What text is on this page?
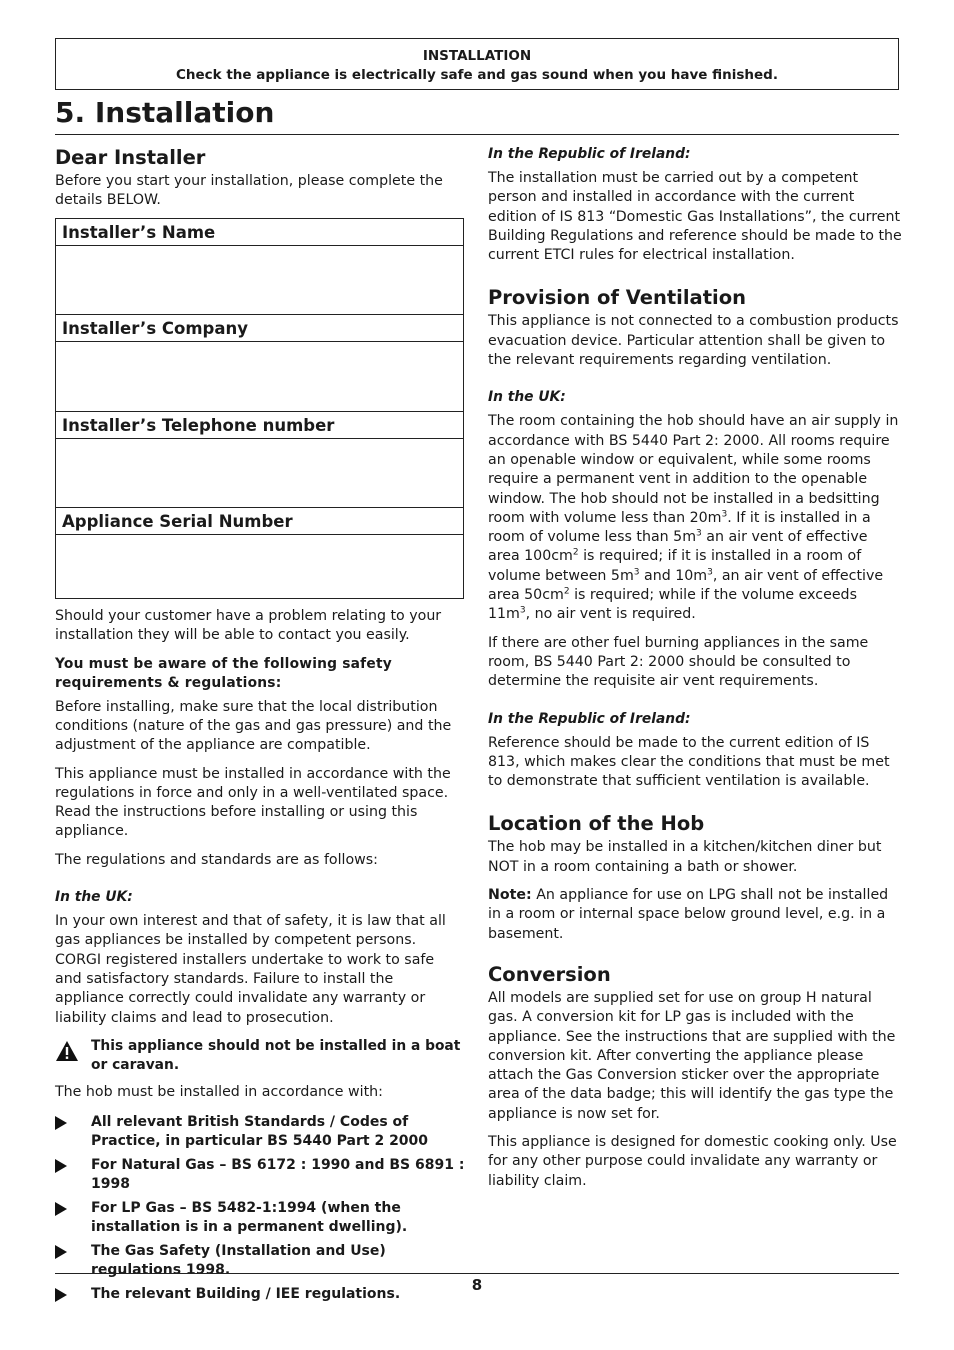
INSTALLATION
Check the appliance is electrically safe and gas sound when you have finished.
5. Installation
Dear Installer

Before you start your installation, please complete the details BELOW.

Installer’s Name
Installer’s Company
Installer’s Telephone number
Appliance Serial Number

Should your customer have a problem relating to your installation they will be able to contact you easily.

You must be aware of the following safety requirements & regulations:

Before installing, make sure that the local distribution conditions (nature of the gas and gas pressure) and the adjustment of the appliance are compatible.

This appliance must be installed in accordance with the regulations in force and only in a well-ventilated space. Read the instructions before installing or using this appliance.

The regulations and standards are as follows:

In the UK:

In your own interest and that of safety, it is law that all gas appliances be installed by competent persons. CORGI registered installers undertake to work to safe and satisfactory standards. Failure to install the appliance correctly could invalidate any warranty or liability claims and lead to prosecution.

This appliance should not be installed in a boat or caravan.

The hob must be installed in accordance with:

All relevant British Standards / Codes of Practice, in particular BS 5440 Part 2 2000
For Natural Gas – BS 6172 : 1990 and BS 6891 : 1998
For LP Gas – BS 5482-1:1994 (when the installation is in a permanent dwelling).
The Gas Safety (Installation and Use) regulations 1998.
The relevant Building / IEE regulations.

In the Republic of Ireland:

The installation must be carried out by a competent person and installed in accordance with the current edition of IS 813 “Domestic Gas Installations”, the current Building Regulations and reference should be made to the current ETCI rules for electrical installation.

Provision of Ventilation

This appliance is not connected to a combustion products evacuation device. Particular attention shall be given to the relevant requirements regarding ventilation.

In the UK:

The room containing the hob should have an air supply in accordance with BS 5440 Part 2: 2000. All rooms require an openable window or equivalent, while some rooms require a permanent vent in addition to the openable window. The hob should not be installed in a bedsitting room with volume less than $20m^3$. If it is installed in a room of volume less than $5m^3$ an air vent of effective area $100cm^2$ is required; if it is installed in a room of volume between $5m^3$ and $10m^3$, an air vent of effective area $50cm^2$ is required; while if the volume exceeds $11m^3$, no air vent is required.

If there are other fuel burning appliances in the same room, BS 5440 Part 2: 2000 should be consulted to determine the requisite air vent requirements.

In the Republic of Ireland:

Reference should be made to the current edition of IS 813, which makes clear the conditions that must be met to demonstrate that sufficient ventilation is available.

Location of the Hob

The hob may be installed in a kitchen/kitchen diner but NOT in a room containing a bath or shower.

Note: An appliance for use on LPG shall not be installed in a room or internal space below ground level, e.g. in a basement.

Conversion

All models are supplied set for use on group H natural gas. A conversion kit for LP gas is included with the appliance. See the instructions that are supplied with the conversion kit. After converting the appliance please attach the Gas Conversion sticker over the appropriate area of the data badge; this will identify the gas type the appliance is now set for.

This appliance is designed for domestic cooking only. Use for any other purpose could invalidate any warranty or liability claim.

8
